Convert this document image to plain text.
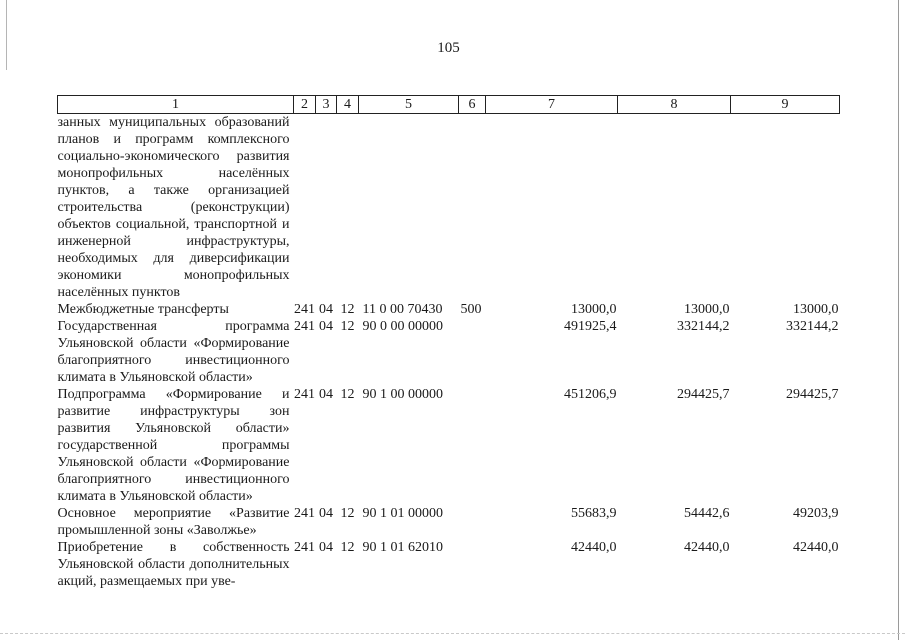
105
1	2	3	4	5	6	7	8	9
занных муниципальных образований планов и программ комплексного социально-экономического развития монопрофильных населённых пунктов, а также организацией строительства (реконструкции) объектов социальной, транспортной и инженерной инфраструктуры, необходимых для диверсификации экономики монопрофильных населённых пунктов								
Межбюджетные трансферты	241	04	12	11 0 00 70430	500	13000,0	13000,0	13000,0
Государственная программа Ульяновской области «Формирование благоприятного инвестиционного климата в Ульяновской области»	241	04	12	90 0 00 00000		491925,4	332144,2	332144,2
Подпрограмма «Формирование и развитие инфраструктуры зон развития Ульяновской области» государственной программы Ульяновской области «Формирование благоприятного инвестиционного климата в Ульяновской области»	241	04	12	90 1 00 00000		451206,9	294425,7	294425,7
Основное мероприятие «Развитие промышленной зоны «Заволжье»	241	04	12	90 1 01 00000		55683,9	54442,6	49203,9
Приобретение в собственность Ульяновской области дополнительных акций, размещаемых при уве-	241	04	12	90 1 01 62010		42440,0	42440,0	42440,0
